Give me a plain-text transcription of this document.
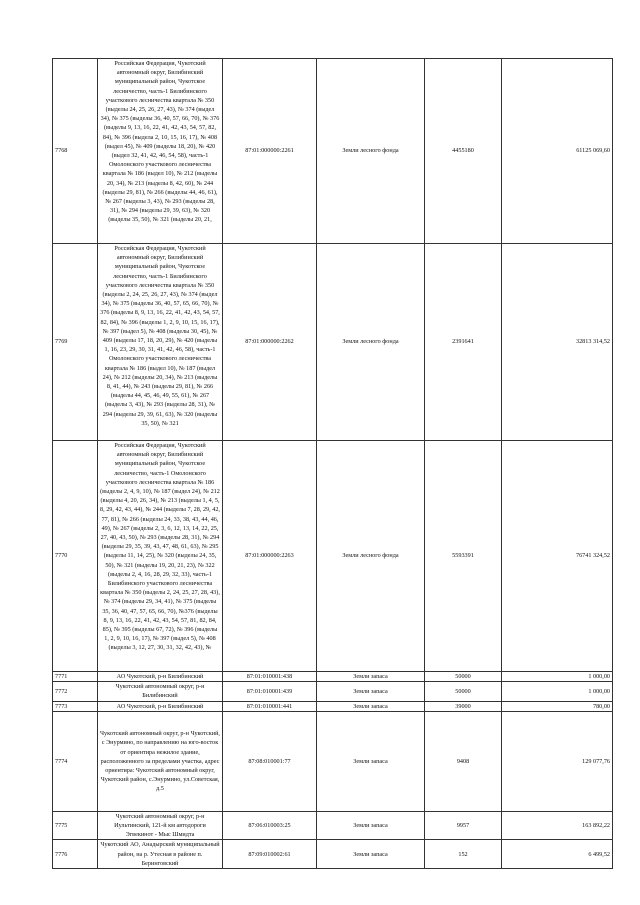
7768	Российская Федерация, Чукотский автономный округ, Билибинский муниципальный район, Чукотское лесничество, часть-1 Билибинского участкового лесничества квартала № 350 (выделы 24, 25, 26, 27, 43), № 374 (выдел 34), № 375 (выделы 36, 40, 57, 66, 70), № 376 (выделы 9, 13, 16, 22, 41, 42, 43, 54, 57, 82, 84), № 396 (выдела 2, 10, 15, 16, 17), № 408 (выдел 45), № 409 (выделы 18, 20), № 420 (выдел 32, 41, 42, 46, 54, 58), часть-1 Омолонского участкового лесничества квартала № 186 (выдел 10), № 212 (выделы 20, 34), № 213 (выделы 8, 42, 60), № 244 (выделы 29, 81), № 266 (выделы 44, 46, 61), № 267 (выделы 3, 43), № 293 (выделы 28, 31), № 294 (выделы 29, 39, 63), № 320 (выделы 35, 50), № 321 (выделы 20, 21,	87:01:000000:2261	Земли лесного фонда	4455180	61125 069,60
7769	Российская Федерация, Чукотский автономный округ, Билибинский муниципальный район, Чукотское лесничество, часть-1 Билибинского участкового лесничества квартала № 350 (выделы 2, 24, 25, 26, 27, 43), № 374 (выдел 34), № 375 (выделы 36, 40, 57, 65, 66, 70), № 376 (выделы 8, 9, 13, 16, 22, 41, 42, 43, 54, 57, 82, 84), № 396 (выделы 1, 2, 9, 10, 15, 16, 17), № 397 (выдел 5), № 408 (выделы 30, 45), № 409 (выделы 17, 18, 20, 29), № 420 (выделы 1, 16, 23, 29, 30, 31, 41, 42, 46, 58), часть-1 Омолонского участкового лесничества квартала № 186 (выдел 10), № 187 (выдел 24), № 212 (выделы 20, 34), № 213 (выделы 8, 41, 44), № 243 (выделы 29, 81), № 266 (выделы 44, 45, 46, 49, 55, 61), № 267 (выделы 3, 43), № 293 (выделы 28, 31), № 294 (выделы 29, 39, 61, 63), № 320 (выделы 35, 50), № 321	87:01:000000:2262	Земли лесного фонда	2391641	32813 314,52
7770	Российская Федерация, Чукотский автономный округ, Билибинский муниципальный район, Чукотское лесничество, часть-1 Омолонского участкового лесничества квартала № 186 (выделы 2, 4, 9, 10), № 187 (выдел 24), № 212 (выделы 4, 20, 26, 34), № 213 (выделы 1, 4, 5, 8, 29, 42, 43, 44), № 244 (выделы 7, 28, 29, 42, 77, 81), № 266 (выделы 24, 33, 38, 43, 44, 46, 49), № 267 (выделы 2, 3, 6, 12, 13, 14, 22, 25, 27, 40, 43, 50), № 293 (выделы 28, 31), № 294 (выделы 29, 35, 39, 43, 47, 48, 61, 63), № 295 (выделы 11, 14, 25), № 320 (выделы 24, 35, 50), № 321 (выделы 19, 20, 21, 23), № 322 (выделы 2, 4, 16, 28, 29, 32, 33), часть-1 Билибинского участкового лесничества квартала № 350 (выделы 2, 24, 25, 27, 28, 43), № 374 (выделы 29, 34, 41), № 375 (выделы 35, 36, 40, 47, 57, 65, 66, 70), №376 (выделы 8, 9, 13, 16, 22, 41, 42, 43, 54, 57, 81, 82, 84, 85), № 395 (выделы 67, 72), № 396 (выделы 1, 2, 9, 10, 16, 17), № 397 (выдел 5), № 408 (выделы 3, 12, 27, 30, 31, 32, 42, 43), №	87:01:000000:2263	Земли лесного фонда	5593391	76741 324,52
7771	АО Чукотский, р-н Билибинский	87:01:010001:438	Земли запаса	50000	1 000,00
7772	Чукотский автономный округ, р-н Билибинский	87:01:010001:439	Земли запаса	50000	1 000,00
7773	АО Чукотский, р-н Билибинский	87:01:010001:441	Земли запаса	39000	780,00
7774	Чукотский автономный округ, р-н Чукотский, с Энурмино, по направлению на юго-восток от ориентира нежилое здание, расположенного за пределами участка, адрес ориентира: Чукотский автономный округ, Чукотский район, с.Энурмино, ул.Советская, д.5	87:08:010001:77	Земли запаса	9408	129 077,76
7775	Чукотский автономный округ, р-н Иультинский, 121-й км автодороги Эгвекинот - Мыс Шмидта	87:06:010003:25	Земли запаса	9957	163 892,22
7776	Чукотский АО, Анадырский муниципальный район, на р. Утесная в районе п. Беринговский	87:09:010002:61	Земли запаса	152	6 499,52
